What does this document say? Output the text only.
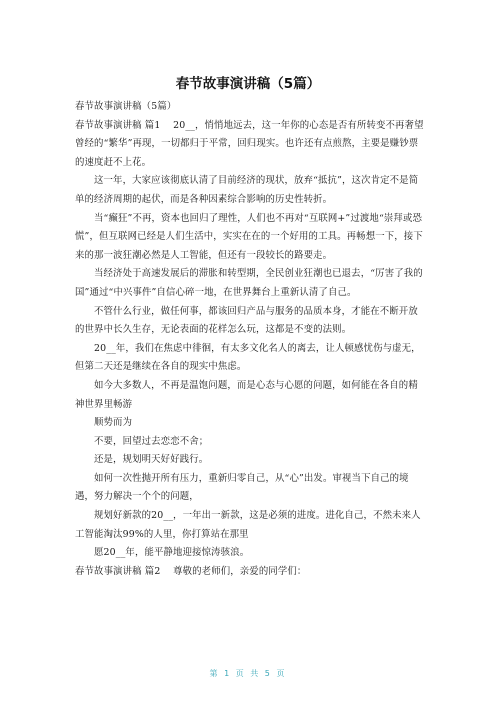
春节故事演讲稿（5篇）

春节故事演讲稿（5篇）

春节故事演讲稿 篇1　 20__，悄悄地远去，这一年你的心态是否有所转变不再奢望曾经的“繁华”再现，一切都归于平常，回归现实。也许还有点煎熬，主要是赚钞票的速度赶不上花。

这一年，大家应该彻底认清了目前经济的现状，放弃“抵抗”，这次肯定不是简单的经济周期的起伏，而是各种因素综合影响的历史性转折。

当“癫狂”不再，资本也回归了理性，人们也不再对“互联网+”过渡地“崇拜或恐慌”，但互联网已经是人们生活中，实实在在的一个好用的工具。再畅想一下，接下来的那一波狂潮必然是人工智能，但还有一段较长的路要走。

当经济处于高速发展后的滞胀和转型期，全民创业狂潮也已退去，“厉害了我的国”通过“中兴事件”自信心碎一地，在世界舞台上重新认清了自己。

不管什么行业，做任何事，都该回归产品与服务的品质本身，才能在不断开放的世界中长久生存，无论表面的花样怎么玩，这都是不变的法则。

20__年，我们在焦虑中徘徊，有太多文化名人的离去，让人顿感忧伤与虚无，但第二天还是继续在各自的现实中焦虑。

如今大多数人，不再是温饱问题，而是心态与心愿的问题，如何能在各自的精神世界里畅游

顺势而为

不要，回望过去恋恋不舍；

还是，规划明天好好践行。

如何一次性抛开所有压力，重新归零自己，从“心”出发。审视当下自己的境遇，努力解决一个个的问题，

规划好新款的20__，一年出一新款，这是必须的进度。进化自己，不然未来人工智能淘汰99%的人里，你打算站在那里

愿20__年，能平静地迎接惊涛骇浪。

春节故事演讲稿 篇2　 尊敬的老师们，亲爱的同学们：

第 1 页 共 5 页
